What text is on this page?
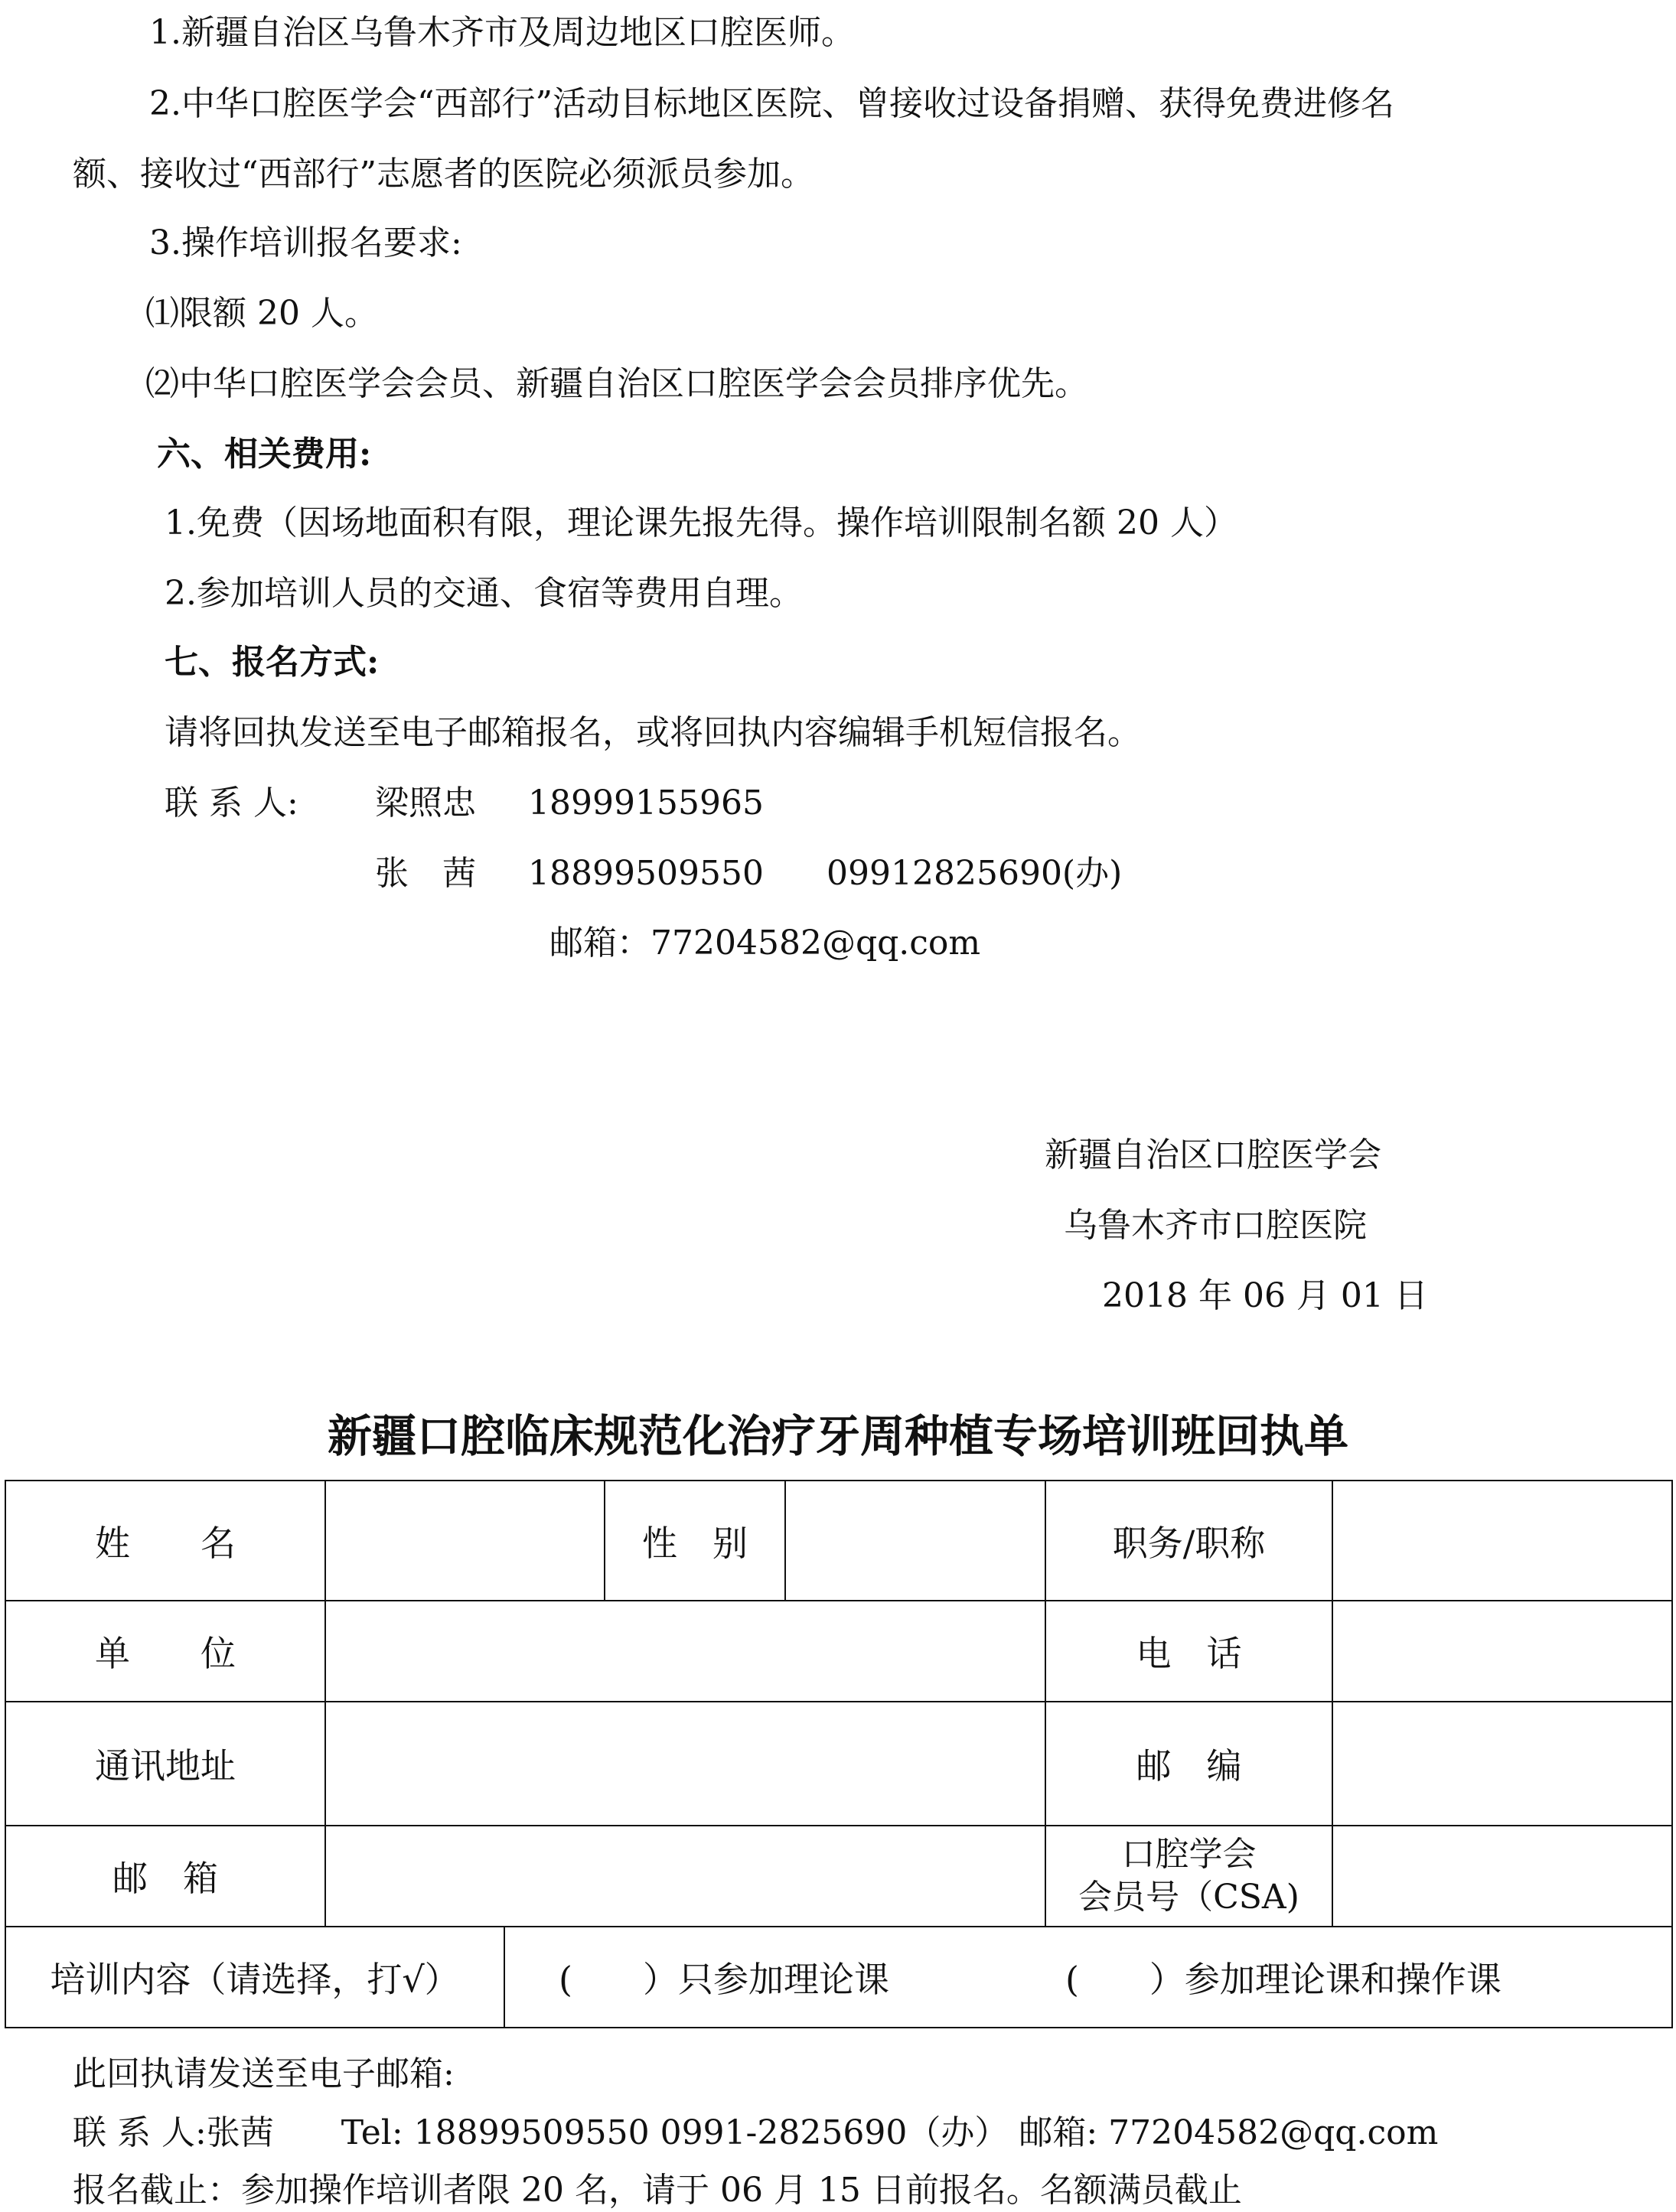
1.新疆自治区乌鲁木齐市及周边地区口腔医师。
2.中华口腔医学会“西部行”活动目标地区医院、曾接收过设备捐赠、获得免费进修名
额、接收过“西部行”志愿者的医院必须派员参加。
3.操作培训报名要求:
⑴限额 20 人。
⑵中华口腔医学会会员、新疆自治区口腔医学会会员排序优先。
六、相关费用:
1.免费（因场地面积有限，理论课先报先得。操作培训限制名额 20 人）
2.参加培训人员的交通、食宿等费用自理。
七、报名方式:
请将回执发送至电子邮箱报名，或将回执内容编辑手机短信报名。
联 系 人: 梁照忠 18999155965
张　茜 18899509550 09912825690(办)
邮箱：77204582@qq.com
新疆自治区口腔医学会
乌鲁木齐市口腔医院
2018 年 06 月 01 日
新疆口腔临床规范化治疗牙周种植专场培训班回执单
姓　　名		性　别		职务/职称	
单　　位				电　话	
通讯地址				邮　编	
邮　箱				口腔学会
会员号（CSA)	

培训内容（请选择，打√） (　　）只参加理论课 (　　）参加理论课和操作课					
此回执请发送至电子邮箱:
联 系 人:张茜　　Tel: 18899509550 0991-2825690（办） 邮箱: 77204582@qq.com
报名截止：参加操作培训者限 20 名，请于 06 月 15 日前报名。名额满员截止
